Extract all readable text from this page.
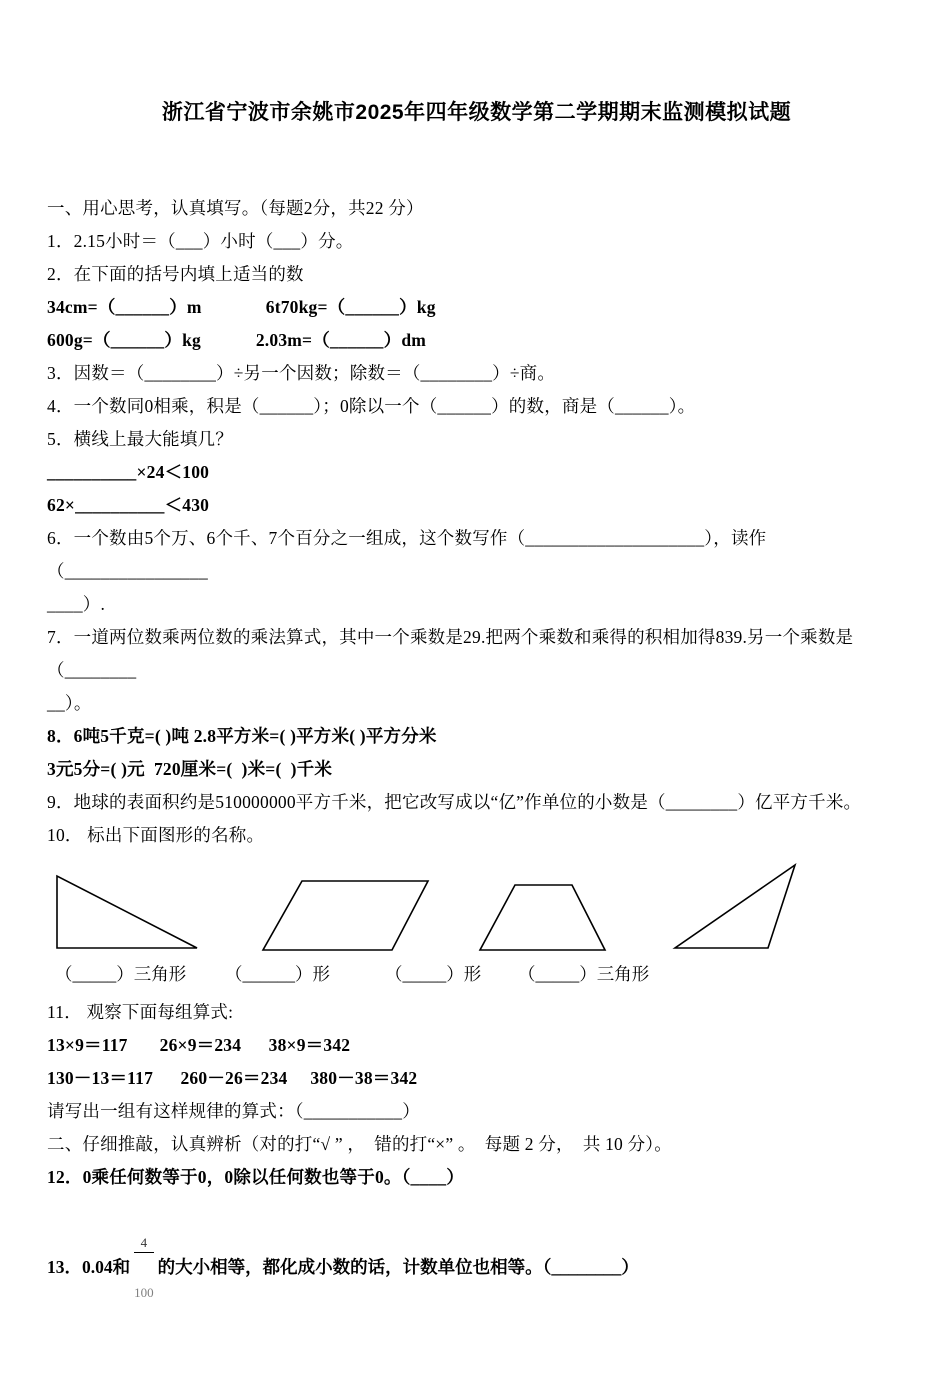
浙江省宁波市余姚市2025年四年级数学第二学期期末监测模拟试题

一、用心思考，认真填写。（每题2分，共22 分）

1．2.15小时＝（___）小时（___）分。

2．在下面的括号内填上适当的数

34cm=（______）m              6t70kg=（______）kg

600g=（______）kg            2.03m=（______）dm

3．因数＝（________）÷另一个因数；除数＝（________）÷商。

4．一个数同0相乘，积是（______）；0除以一个（______）的数，商是（______）。

5．横线上最大能填几？

__________×24＜100

62×__________＜430

6．一个数由5个万、6个千、7个百分之一组成，这个数写作（____________________），读作（________________

____）.

7．一道两位数乘两位数的乘法算式，其中一个乘数是29.把两个乘数和乘得的积相加得839.另一个乘数是（________

__）。

8．6吨5千克=( )吨 2.8平方米=( )平方米( )平方分米

3元5分=( )元  720厘米=(  )米=(  )千米

9．地球的表面积约是510000000平方千米，把它改写成以“亿”作单位的小数是（________）亿平方千米。

10． 标出下面图形的名称。

（_____）三角形 （______）形	（_____）形 （_____）三角形

11． 观察下面每组算式:

13×9＝117       26×9＝234      38×9＝342

130－13＝117      260－26＝234     380－38＝342

请写出一组有这样规律的算式：（___________）

二、仔细推敲，认真辨析（对的打“√ ” ，  错的打“×” 。  每题 2 分，  共 10 分）。

12．0乘任何数等于0，0除以任何数也等于0。（____）

13．0.04和

$\frac{4}{100}$

的大小相等，都化成小数的话，计数单位也相等。（________）
